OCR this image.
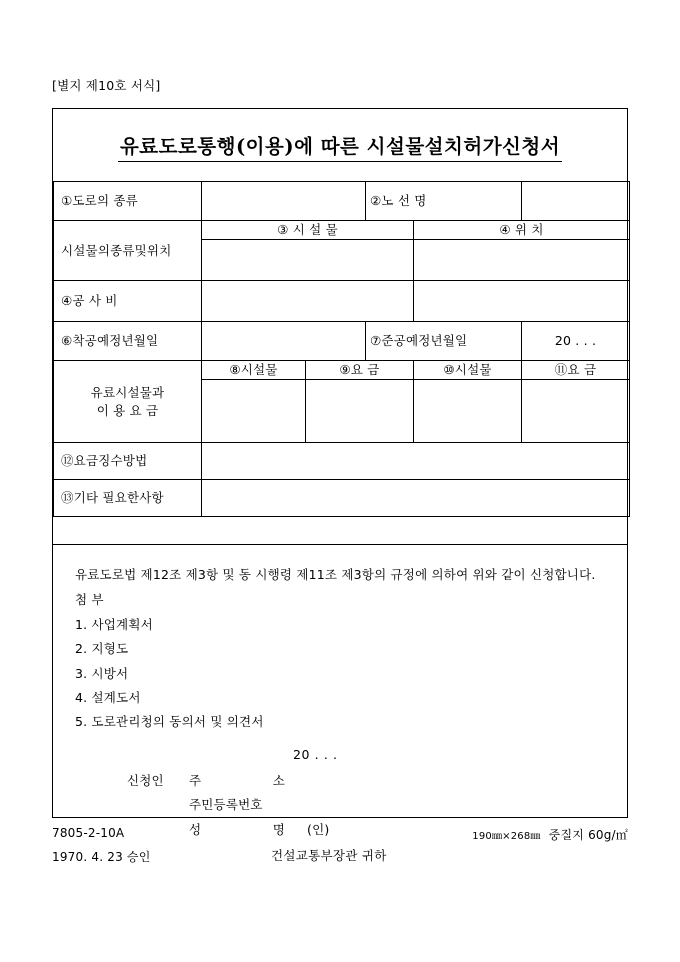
[별지 제10호 서식]
유료도로통행(이용)에 따른 시설물설치허가신청서
①도로의 종류			②노 선 명		
시설물의종류및위치	③ 시 설 물			④ 위 치	

④공 사 비					
⑥착공예정년월일			⑦준공예정년월일		20 . . .
유료시설물과
이 용 요 금	⑧시설물	⑨요 금		⑩시설물	⑪요 금

⑫요금징수방법					
⑬기타 필요한사항					
유료도로법 제12조 제3항 및 동 시행령 제11조 제3항의 규정에 의하여 위와 같이 신청합니다.
첨 부
1. 사업계획서
2. 지형도
3. 시방서
4. 설계도서
5. 도로관리청의 동의서 및 의견서
20 . . .
신청인 주 소
주민등록번호
성 명 (인)
건설교통부장관 귀하
7805-2-10A	190㎜×268㎜ 중질지 60g/㎡
1970. 4. 23 승인
